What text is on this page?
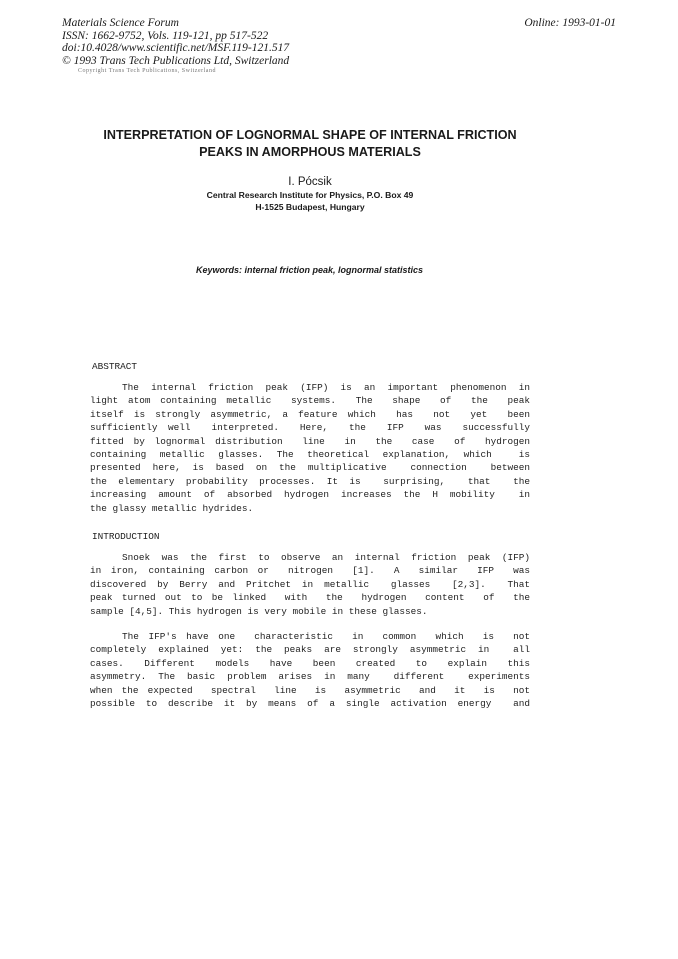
Materials Science Forum
ISSN: 1662-9752, Vols. 119-121, pp 517-522
doi:10.4028/www.scientific.net/MSF.119-121.517
© 1993 Trans Tech Publications Ltd, Switzerland
Online: 1993-01-01
Copyright Trans Tech Publications, Switzerland
INTERPRETATION OF LOGNORMAL SHAPE OF INTERNAL FRICTION
PEAKS IN AMORPHOUS MATERIALS
I. Pócsik
Central Research Institute for Physics, P.O. Box 49
H-1525 Budapest, Hungary
Keywords: internal friction peak, lognormal statistics
ABSTRACT
The internal friction peak (IFP) is an important phenomenon in
light atom containing metallic  systems.  The  shape  of  the  peak
itself is strongly asymmetric, a feature which  has  not  yet  been
sufficiently well  interpreted.  Here,  the  IFP  was  successfully
fitted by lognormal distribution  line  in  the  case  of  hydrogen
containing metallic glasses. The theoretical explanation, which  is
presented here, is based on the multiplicative  connection  between
the elementary probability processes. It is  surprising,  that  the
increasing amount of absorbed hydrogen increases the H mobility  in
the glassy metallic hydrides.
INTRODUCTION
Snoek was the first to observe an internal friction peak (IFP)
in iron, containing carbon or  nitrogen  [1].  A  similar  IFP  was
discovered by Berry and Pritchet in metallic  glasses  [2,3].  That
peak turned out to be linked  with  the  hydrogen  content  of  the
sample [4,5]. This hydrogen is very mobile in these glasses.
The IFP's have one  characteristic  in  common  which  is  not
completely explained yet: the peaks are strongly asymmetric in  all
cases.  Different  models  have  been  created  to  explain  this
asymmetry. The basic problem arises in many  different  experiments
when the expected  spectral  line  is  asymmetric  and  it  is  not
possible to describe it by means of a single activation energy  and
